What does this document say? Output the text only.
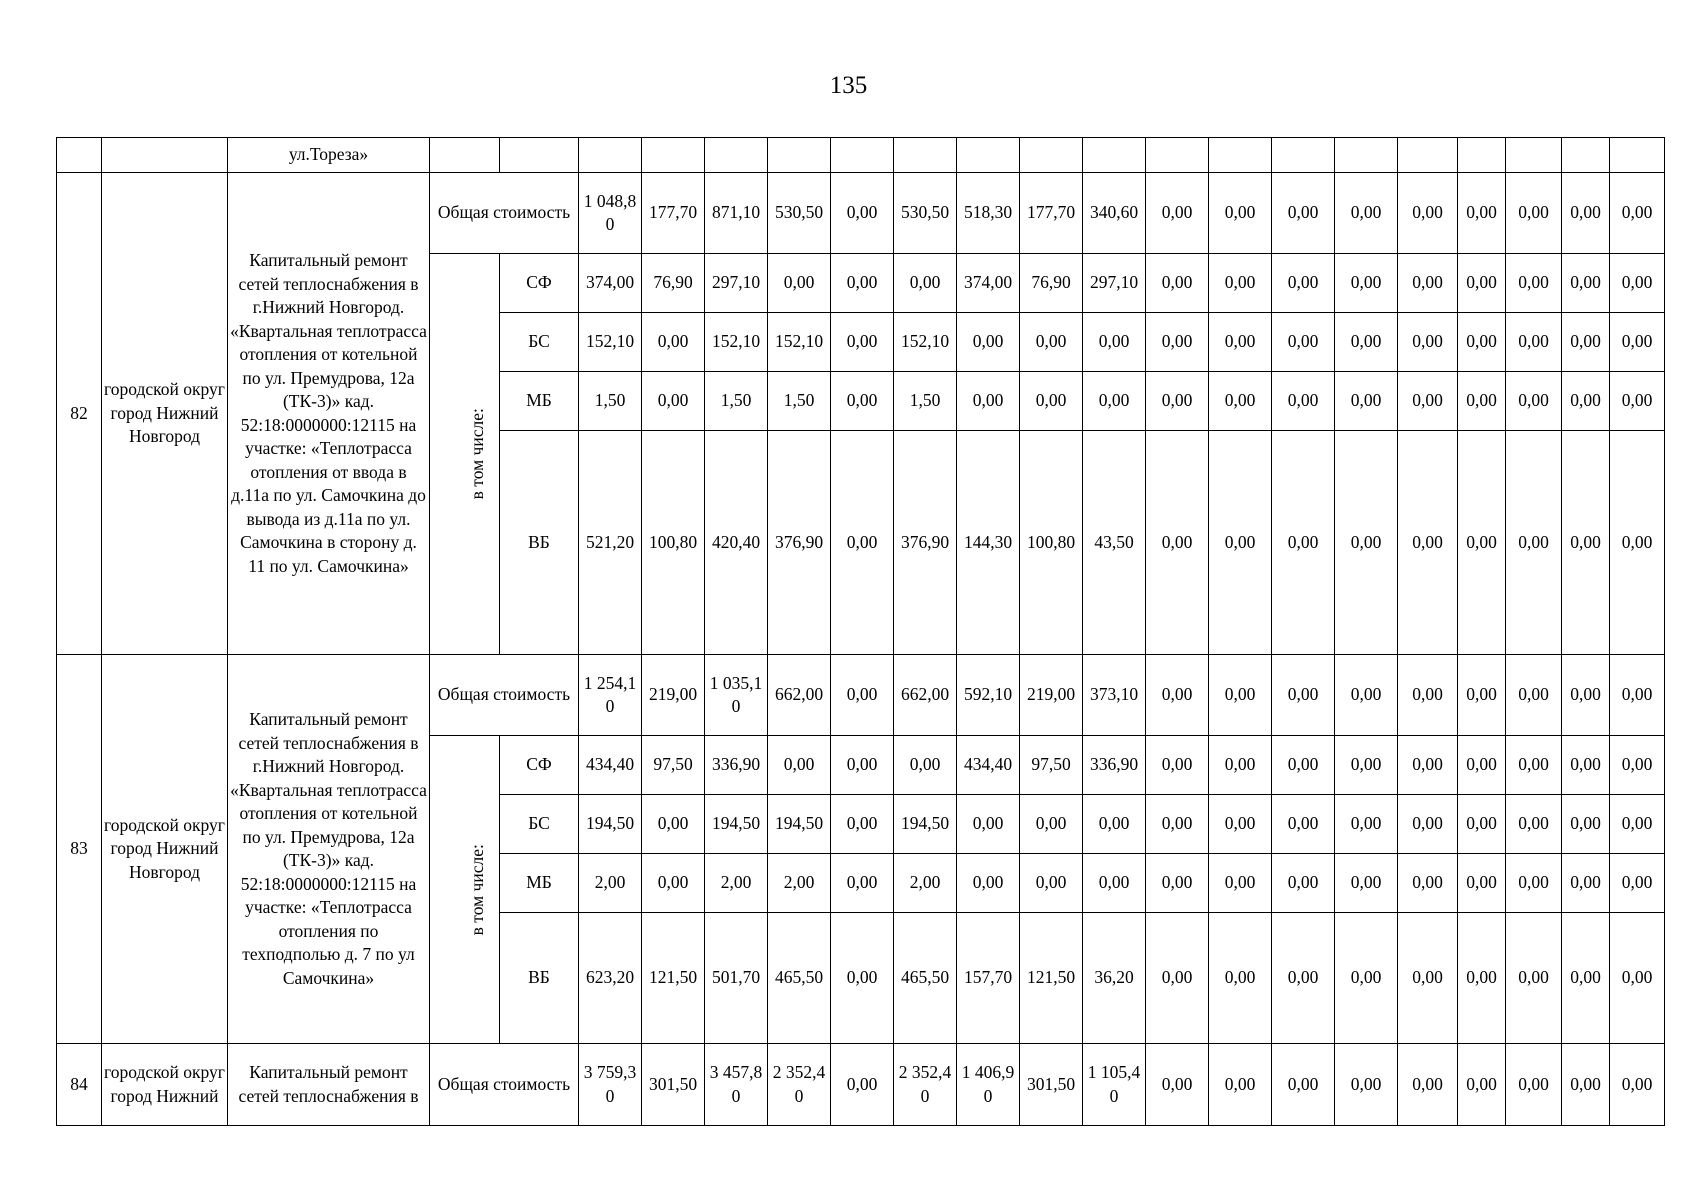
135
		ул.Тореза»																				
82	городской округ город Нижний Новгород	Капитальный ремонт сетей теплоснабжения в г.Нижний Новгород. «Квартальная теплотрасса отопления от котельной по ул. Премудрова, 12а (ТК-3)» кад. 52:18:0000000:12115 на участке: «Теплотрасса отопления от ввода в д.11а по ул. Самочкина до вывода из д.11а по ул. Самочкина в сторону д. 11 по ул. Самочкина»	Общая стоимость		1 048,80	177,70	871,10	530,50	0,00	530,50	518,30	177,70	340,60	0,00	0,00	0,00	0,00	0,00	0,00	0,00	0,00	0,00
			в том числе:	СФ	374,00	76,90	297,10	0,00	0,00	0,00	374,00	76,90	297,10	0,00	0,00	0,00	0,00	0,00	0,00	0,00	0,00	0,00
				БС	152,10	0,00	152,10	152,10	0,00	152,10	0,00	0,00	0,00	0,00	0,00	0,00	0,00	0,00	0,00	0,00	0,00	0,00
				МБ	1,50	0,00	1,50	1,50	0,00	1,50	0,00	0,00	0,00	0,00	0,00	0,00	0,00	0,00	0,00	0,00	0,00	0,00
				ВБ	521,20	100,80	420,40	376,90	0,00	376,90	144,30	100,80	43,50	0,00	0,00	0,00	0,00	0,00	0,00	0,00	0,00	0,00
83	городской округ город Нижний Новгород	Капитальный ремонт сетей теплоснабжения в г.Нижний Новгород. «Квартальная теплотрасса отопления от котельной по ул. Премудрова, 12а (ТК-3)» кад. 52:18:0000000:12115 на участке: «Теплотрасса отопления по техподполью д. 7 по ул Самочкина»	Общая стоимость		1 254,10	219,00	1 035,10	662,00	0,00	662,00	592,10	219,00	373,10	0,00	0,00	0,00	0,00	0,00	0,00	0,00	0,00	0,00
			в том числе:	СФ	434,40	97,50	336,90	0,00	0,00	0,00	434,40	97,50	336,90	0,00	0,00	0,00	0,00	0,00	0,00	0,00	0,00	0,00
				БС	194,50	0,00	194,50	194,50	0,00	194,50	0,00	0,00	0,00	0,00	0,00	0,00	0,00	0,00	0,00	0,00	0,00	0,00
				МБ	2,00	0,00	2,00	2,00	0,00	2,00	0,00	0,00	0,00	0,00	0,00	0,00	0,00	0,00	0,00	0,00	0,00	0,00
				ВБ	623,20	121,50	501,70	465,50	0,00	465,50	157,70	121,50	36,20	0,00	0,00	0,00	0,00	0,00	0,00	0,00	0,00	0,00
84	городской округ город Нижний	Капитальный ремонт сетей теплоснабжения в	Общая стоимость		3 759,30	301,50	3 457,80	2 352,40	0,00	2 352,40	1 406,90	301,50	1 105,40	0,00	0,00	0,00	0,00	0,00	0,00	0,00	0,00	0,00
